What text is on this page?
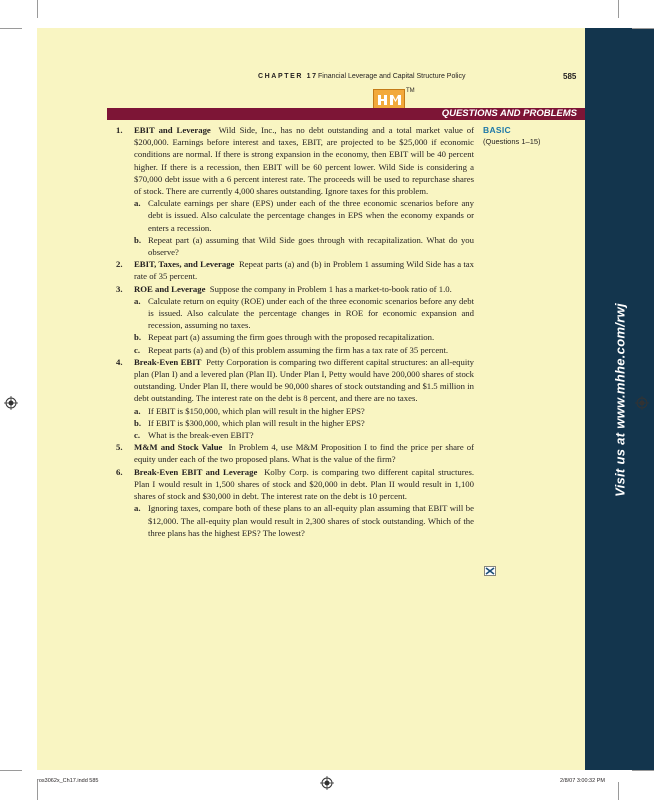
Visit us at www.mhhe.com/rwj
CHAPTER 17 Financial Leverage and Capital Structure Policy	585
TM
QUESTIONS AND PROBLEMS
BASIC
(Questions 1–15)
1. EBIT and Leverage Wild Side, Inc., has no debt outstanding and a total market value of $200,000. Earnings before interest and taxes, EBIT, are projected to be $25,000 if economic conditions are normal. If there is strong expansion in the economy, then EBIT will be 40 percent higher. If there is a recession, then EBIT will be 60 percent lower. Wild Side is considering a $70,000 debt issue with a 6 percent interest rate. The proceeds will be used to repurchase shares of stock. There are currently 4,000 shares outstanding. Ignore taxes for this problem.
a. Calculate earnings per share (EPS) under each of the three economic scenarios before any debt is issued. Also calculate the percentage changes in EPS when the economy expands or enters a recession.
b. Repeat part (a) assuming that Wild Side goes through with recapitalization. What do you observe?
2. EBIT, Taxes, and Leverage Repeat parts (a) and (b) in Problem 1 assuming Wild Side has a tax rate of 35 percent.
3. ROE and Leverage Suppose the company in Problem 1 has a market-to-book ratio of 1.0.
a. Calculate return on equity (ROE) under each of the three economic scenarios before any debt is issued. Also calculate the percentage changes in ROE for economic expansion and recession, assuming no taxes.
b. Repeat part (a) assuming the firm goes through with the proposed recapitalization.
c. Repeat parts (a) and (b) of this problem assuming the firm has a tax rate of 35 percent.
4. Break-Even EBIT Petty Corporation is comparing two different capital structures: an all-equity plan (Plan I) and a levered plan (Plan II). Under Plan I, Petty would have 200,000 shares of stock outstanding. Under Plan II, there would be 90,000 shares of stock outstanding and $1.5 million in debt outstanding. The interest rate on the debt is 8 percent, and there are no taxes.
a. If EBIT is $150,000, which plan will result in the higher EPS?
b. If EBIT is $300,000, which plan will result in the higher EPS?
c. What is the break-even EBIT?
5. M&M and Stock Value In Problem 4, use M&M Proposition I to find the price per share of equity under each of the two proposed plans. What is the value of the firm?
6. Break-Even EBIT and Leverage Kolby Corp. is comparing two different capital structures. Plan I would result in 1,500 shares of stock and $20,000 in debt. Plan II would result in 1,100 shares of stock and $30,000 in debt. The interest rate on the debt is 10 percent.
a. Ignoring taxes, compare both of these plans to an all-equity plan assuming that EBIT will be $12,000. The all-equity plan would result in 2,300 shares of stock outstanding. Which of the three plans has the highest EPS? The lowest?
ros3062x_Ch17.indd 585	2/8/07 3:00:32 PM
